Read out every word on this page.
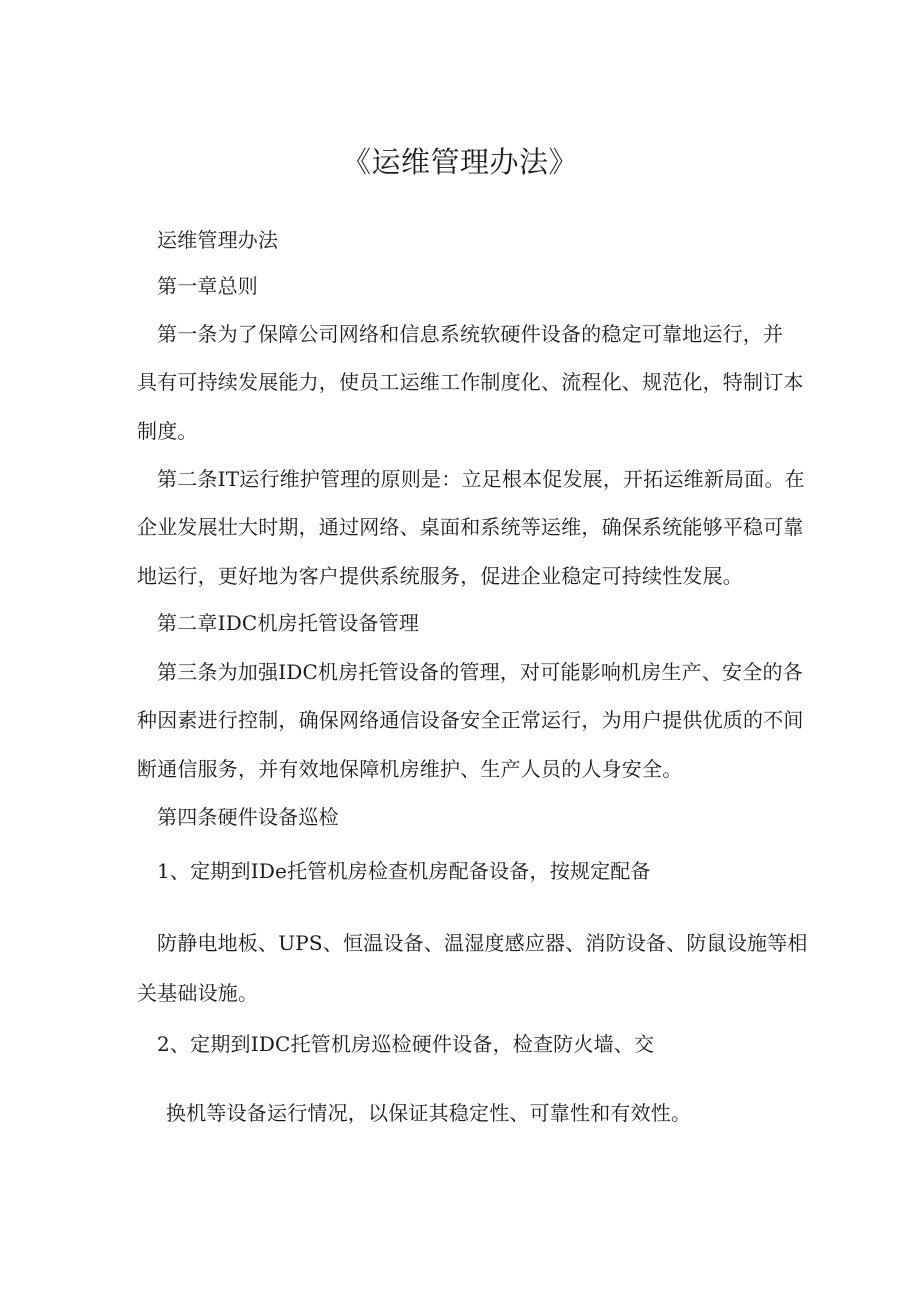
《运维管理办法》
运维管理办法
第一章总则
第一条为了保障公司网络和信息系统软硬件设备的稳定可靠地运行，并
具有可持续发展能力，使员工运维工作制度化、流程化、规范化，特制订本
制度。
第二条IT运行维护管理的原则是：立足根本促发展，开拓运维新局面。在
企业发展壮大时期，通过网络、桌面和系统等运维，确保系统能够平稳可靠
地运行，更好地为客户提供系统服务，促进企业稳定可持续性发展。
第二章IDC机房托管设备管理
第三条为加强IDC机房托管设备的管理，对可能影响机房生产、安全的各
种因素进行控制，确保网络通信设备安全正常运行，为用户提供优质的不间
断通信服务，并有效地保障机房维护、生产人员的人身安全。
第四条硬件设备巡检
1、定期到IDe托管机房检查机房配备设备，按规定配备
防静电地板、UPS、恒温设备、温湿度感应器、消防设备、防鼠设施等相
关基础设施。
2、定期到IDC托管机房巡检硬件设备，检查防火墙、交
换机等设备运行情况，以保证其稳定性、可靠性和有效性。
